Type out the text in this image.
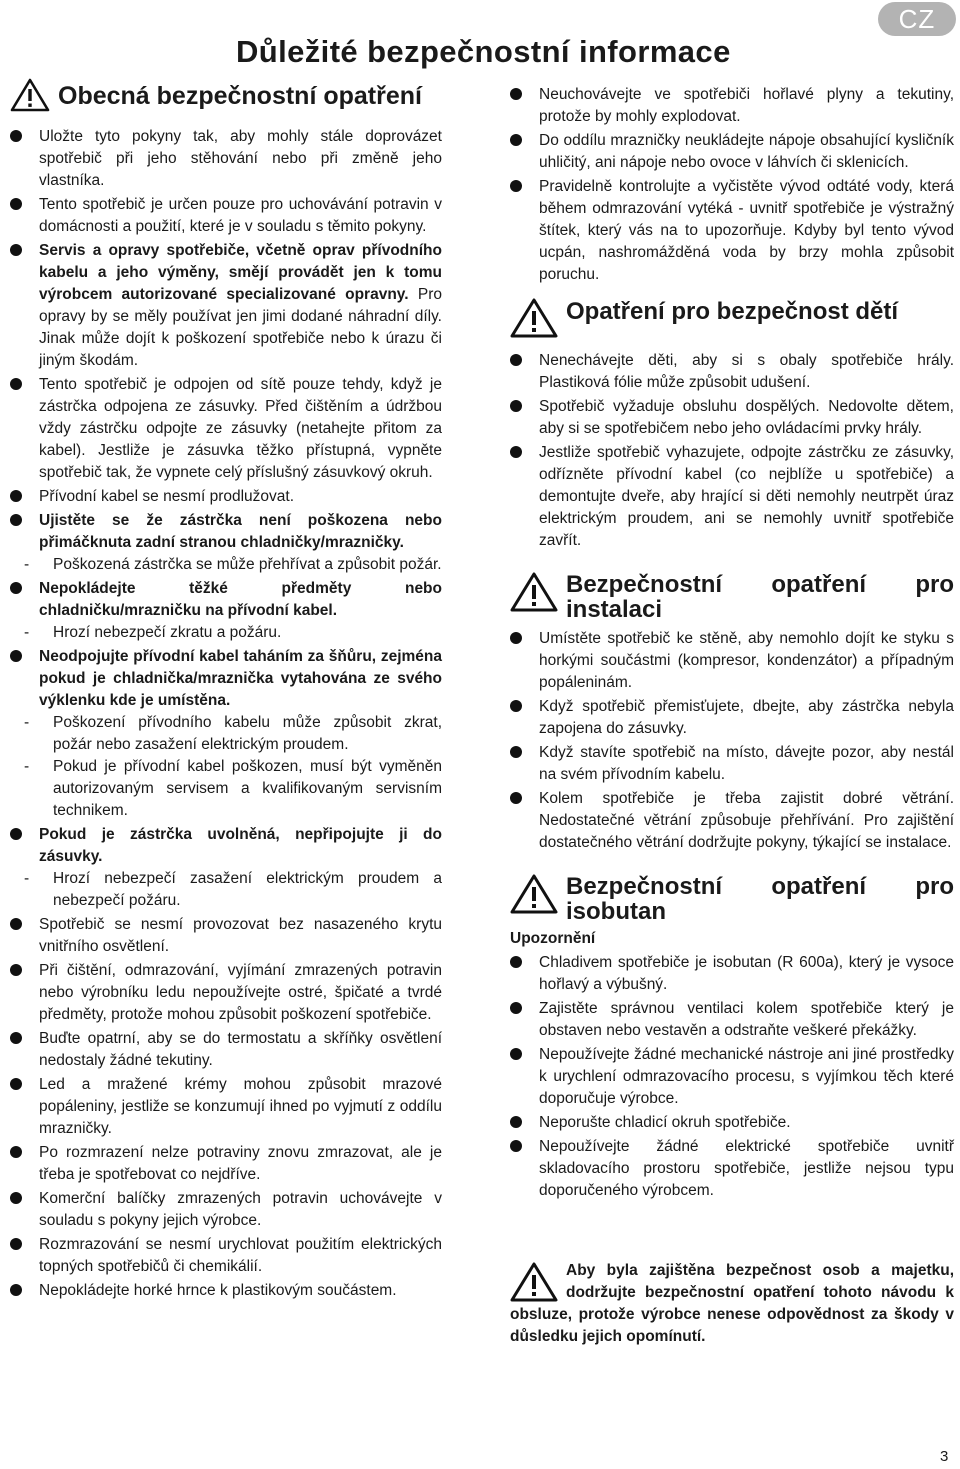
CZ
Důležité bezpečnostní informace
Obecná bezpečnostní opatření
Uložte tyto pokyny tak, aby mohly stále doprovázet spotřebič při jeho stěhování nebo při změně jeho vlastníka.
Tento spotřebič je určen pouze pro uchovávání potravin v domácnosti a použití, které je v souladu s těmito pokyny.
Servis a opravy spotřebiče, včetně oprav přívodního kabelu a jeho výměny, smějí provádět jen k tomu výrobcem autorizované specializované opravny. Pro opravy by se měly používat jen jimi dodané náhradní díly. Jinak může dojít k poškození spotřebiče nebo k úrazu či jiným škodám.
Tento spotřebič je odpojen od sítě pouze tehdy, když je zástrčka odpojena ze zásuvky. Před čištěním a údržbou vždy zástrčku odpojte ze zásuvky (netahejte přitom za kabel). Jestliže je zásuvka těžko přístupná, vypněte spotřebič tak, že vypnete celý příslušný zásuvkový okruh.
Přívodní kabel se nesmí prodlužovat.
Ujistěte se že zástrčka není poškozena nebo přimáčknuta zadní stranou chladničky/mrazničky.
- Poškozená zástrčka se může přehřívat a způsobit požár.
Nepokládejte těžké předměty nebo chladničku/mrazničku na přívodní kabel.
- Hrozí nebezpečí zkratu a požáru.
Neodpojujte přívodní kabel taháním za šňůru, zejména pokud je chladnička/mraznička vytahována ze svého výklenku kde je umístěna.
- Poškození přívodního kabelu může způsobit zkrat, požár nebo zasažení elektrickým proudem.
- Pokud je přívodní kabel poškozen, musí být vyměněn autorizovaným servisem a kvalifikovaným servisním technikem.
Pokud je zástrčka uvolněná, nepřipojujte ji do zásuvky.
- Hrozí nebezpečí zasažení elektrickým proudem a nebezpečí požáru.
Spotřebič se nesmí provozovat bez nasazeného krytu vnitřního osvětlení.
Při čištění, odmrazování, vyjímání zmrazených potravin nebo výrobníku ledu nepoužívejte ostré, špičaté a tvrdé předměty, protože mohou způsobit poškození spotřebiče.
Buďte opatrní, aby se do termostatu a skříňky osvětlení nedostaly žádné tekutiny.
Led a mražené krémy mohou způsobit mrazové popáleniny, jestliže se konzumují ihned po vyjmutí z oddílu mrazničky.
Po rozmrazení nelze potraviny znovu zmrazovat, ale je třeba je spotřebovat co nejdříve.
Komerční balíčky zmrazených potravin uchovávejte v souladu s pokyny jejich výrobce.
Rozmrazování se nesmí urychlovat použitím elektrických topných spotřebičů či chemikálií.
Nepokládejte horké hrnce k plastikovým součástem.
Neuchovávejte ve spotřebiči hořlavé plyny a tekutiny, protože by mohly explodovat.
Do oddílu mrazničky neukládejte nápoje obsahující kysličník uhličitý, ani nápoje nebo ovoce v láhvích či sklenicích.
Pravidelně kontrolujte a vyčistěte vývod odtáté vody, která během odmrazování vytéká - uvnitř spotřebiče je výstražný štítek, který vás na to upozorňuje. Kdyby byl tento vývod ucpán, nashromážděná voda by brzy mohla způsobit poruchu.
Opatření pro bezpečnost dětí
Nenechávejte děti, aby si s obaly spotřebiče hrály. Plastiková fólie může způsobit udušení.
Spotřebič vyžaduje obsluhu dospělých. Nedovolte dětem, aby si se spotřebičem nebo jeho ovládacími prvky hrály.
Jestliže spotřebič vyhazujete, odpojte zástrčku ze zásuvky, odřízněte přívodní kabel (co nejblíže u spotřebiče) a demontujte dveře, aby hrající si děti nemohly neutrpět úraz elektrickým proudem, ani se nemohly uvnitř spotřebiče zavřít.
Bezpečnostní opatření pro instalaci
Umístěte spotřebič ke stěně, aby nemohlo dojít ke styku s horkými součástmi (kompresor, kondenzátor) a případným popáleninám.
Když spotřebič přemisťujete, dbejte, aby zástrčka nebyla zapojena do zásuvky.
Když stavíte spotřebič na místo, dávejte pozor, aby nestál na svém přívodním kabelu.
Kolem spotřebiče je třeba zajistit dobré větrání. Nedostatečné větrání způsobuje přehřívání. Pro zajištění dostatečného větrání dodržujte pokyny, týkající se instalace.
Bezpečnostní opatření pro isobutan

Upozornění

Chladivem spotřebiče je isobutan (R 600a), který je vysoce hořlavý a výbušný.
Zajistěte správnou ventilaci kolem spotřebiče který je obstaven nebo vestavěn a odstraňte veškeré překážky.
Nepoužívejte žádné mechanické nástroje ani jiné prostředky k urychlení odmrazovacího procesu, s vyjímkou těch které doporučuje výrobce.
Neporušte chladicí okruh spotřebiče.
Nepoužívejte žádné elektrické spotřebiče uvnitř skladovacího prostoru spotřebiče, jestliže nejsou typu doporučeného výrobcem.

Aby byla zajištěna bezpečnost osob a majetku, dodržujte bezpečnostní opatření tohoto návodu k obsluze, protože výrobce nenese odpovědnost za škody v důsledku jejich opomínutí.

3
